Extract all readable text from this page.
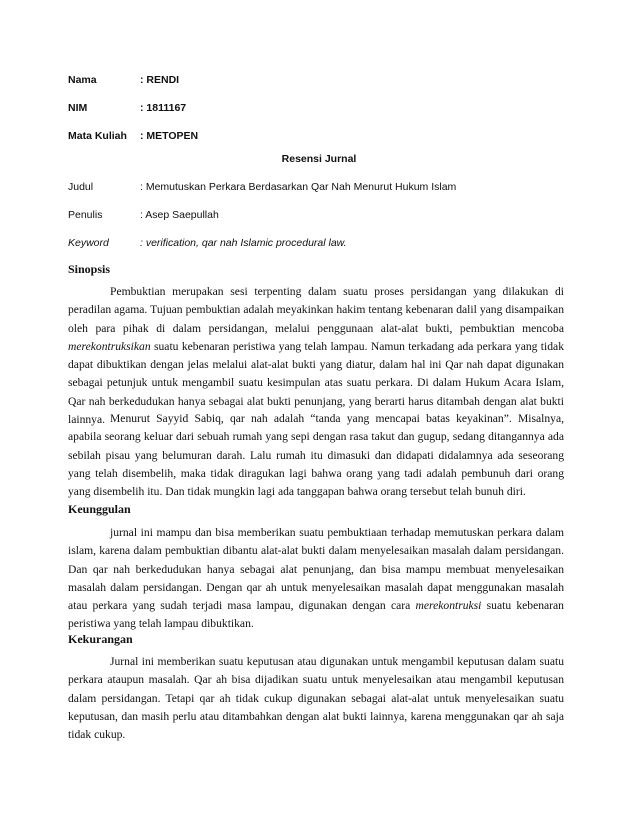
Nama	: RENDI
NIM	: 1811167
Mata Kuliah : METOPEN
Resensi Jurnal
Judul	: Memutuskan Perkara Berdasarkan Qar Nah Menurut Hukum Islam
Penulis	: Asep Saepullah
Keyword	: verification, qar nah Islamic procedural law.
Sinopsis

Pembuktian merupakan sesi terpenting dalam suatu proses persidangan yang dilakukan di peradilan agama. Tujuan pembuktian adalah meyakinkan hakim tentang kebenaran dalil yang disampaikan oleh para pihak di dalam persidangan, melalui penggunaan alat-alat bukti, pembuktian mencoba merekontruksikan suatu kebenaran peristiwa yang telah lampau. Namun terkadang ada perkara yang tidak dapat dibuktikan dengan jelas melalui alat-alat bukti yang diatur, dalam hal ini Qar nah dapat digunakan sebagai petunjuk untuk mengambil suatu kesimpulan atas suatu perkara. Di dalam Hukum Acara Islam, Qar nah berkedudukan hanya sebagai alat bukti penunjang, yang berarti harus ditambah dengan alat bukti lainnya. Menurut Sayyid Sabiq, qar nah adalah “tanda yang mencapai batas keyakinan”. Misalnya, apabila seorang keluar dari sebuah rumah yang sepi dengan rasa takut dan gugup, sedang ditangannya ada sebilah pisau yang belumuran darah. Lalu rumah itu dimasuki dan didapati didalamnya ada seseorang yang telah disembelih, maka tidak diragukan lagi bahwa orang yang tadi adalah pembunuh dari orang yang disembelih itu. Dan tidak mungkin lagi ada tanggapan bahwa orang tersebut telah bunuh diri.

Keunggulan

jurnal ini mampu dan bisa memberikan suatu pembuktiaan terhadap memutuskan perkara dalam islam, karena dalam pembuktian dibantu alat-alat bukti dalam menyelesaikan masalah dalam persidangan. Dan qar nah berkedudukan hanya sebagai alat penunjang, dan bisa mampu membuat menyelesaikan masalah dalam persidangan. Dengan qar ah untuk menyelesaikan masalah dapat menggunakan masalah atau perkara yang sudah terjadi masa lampau, digunakan dengan cara merekontruksi suatu kebenaran peristiwa yang telah lampau dibuktikan.

Kekurangan

Jurnal ini memberikan suatu keputusan atau digunakan untuk mengambil keputusan dalam suatu perkara ataupun masalah. Qar ah bisa dijadikan suatu untuk menyelesaikan atau mengambil keputusan dalam persidangan. Tetapi qar ah tidak cukup digunakan sebagai alat-alat untuk menyelesaikan suatu keputusan, dan masih perlu atau ditambahkan dengan alat bukti lainnya, karena menggunakan qar ah saja tidak cukup.
